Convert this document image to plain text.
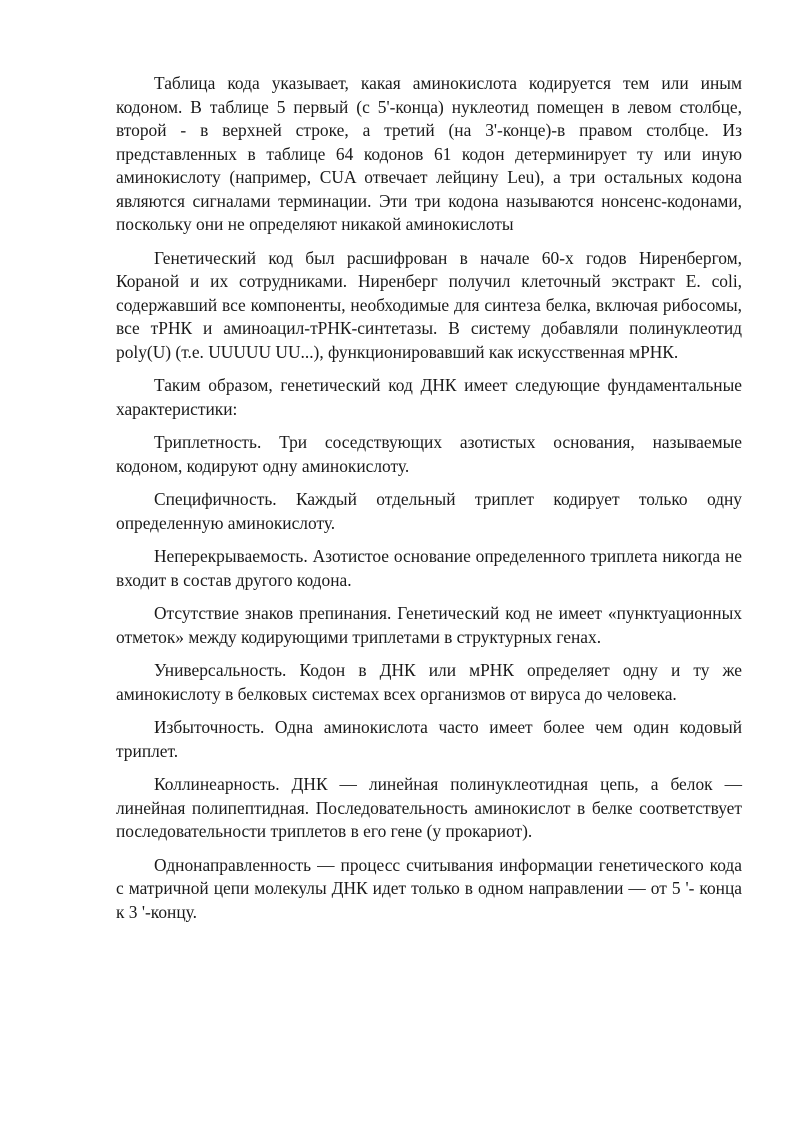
Таблица кода указывает, какая аминокислота кодируется тем или иным кодоном. В таблице 5 первый (с 5'-конца) нуклеотид помещен в левом столбце, второй - в верхней строке, а третий (на 3'-конце)-в правом столбце. Из представленных в таблице 64 кодонов 61 кодон детерминирует ту или иную аминокислоту (например, CUA отвечает лейцину Leu), а три остальных кодона являются сигналами терминации. Эти три кодона называются нонсенс-кодонами, поскольку они не определяют никакой аминокислоты

Генетический код был расшифрован в начале 60-х годов Ниренбергом, Кораной и их сотрудниками. Ниренберг получил клеточный экстракт E. coli, содержавший все компоненты, необходимые для синтеза белка, включая рибосомы, все тРНК и аминоацил-тРНК-синтетазы. В систему добавляли полинуклеотид poly(U) (т.е. UUUUU UU...), функционировавший как искусственная мРНК.

Таким образом, генетический код ДНК имеет следующие фундаментальные характеристики:

Триплетность. Три соседствующих азотистых основания, называемые кодоном, кодируют одну аминокислоту.

Специфичность. Каждый отдельный триплет кодирует только одну определенную аминокислоту.

Неперекрываемость. Азотистое основание определенного триплета никогда не входит в состав другого кодона.

Отсутствие знаков препинания. Генетический код не имеет «пунктуационных отметок» между кодирующими триплетами в структурных генах.

Универсальность. Кодон в ДНК или мРНК определяет одну и ту же аминокислоту в белковых системах всех организмов от вируса до человека.

Избыточность. Одна аминокислота часто имеет более чем один кодовый триплет.

Коллинеарность. ДНК — линейная полинуклеотидная цепь, а белок — линейная полипептидная. Последовательность аминокислот в белке соответствует последовательности триплетов в его гене (у прокариот).

Однонаправленность — процесс считывания информации генетического кода с матричной цепи молекулы ДНК идет только в одном направлении — от 5 '- конца к 3 '-концу.
